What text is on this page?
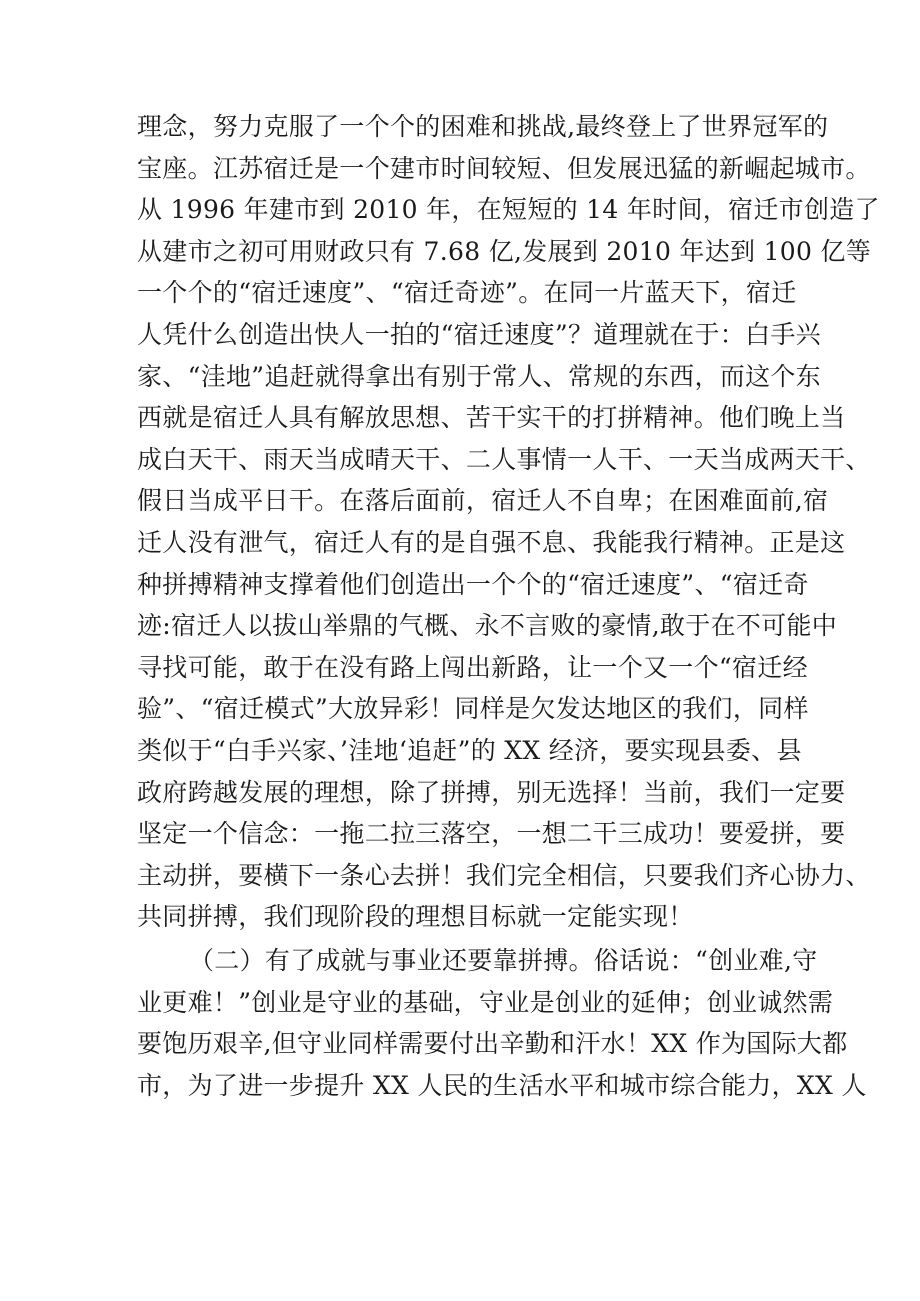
理念，努力克服了一个个的困难和挑战,最终登上了世界冠军的
宝座。江苏宿迁是一个建市时间较短、但发展迅猛的新崛起城市。
从 1996 年建市到 2010 年，在短短的 14 年时间，宿迁市创造了
从建市之初可用财政只有 7.68 亿,发展到 2010 年达到 100 亿等
一个个的“宿迁速度”、“宿迁奇迹”。在同一片蓝天下，宿迁
人凭什么创造出快人一拍的“宿迁速度”？道理就在于：白手兴
家、“洼地”追赶就得拿出有别于常人、常规的东西，而这个东
西就是宿迁人具有解放思想、苦干实干的打拼精神。他们晚上当
成白天干、雨天当成晴天干、二人事情一人干、一天当成两天干、
假日当成平日干。在落后面前，宿迁人不自卑；在困难面前,宿
迁人没有泄气，宿迁人有的是自强不息、我能我行精神。正是这
种拼搏精神支撑着他们创造出一个个的“宿迁速度”、“宿迁奇
迹:宿迁人以拔山举鼎的气概、永不言败的豪情,敢于在不可能中
寻找可能，敢于在没有路上闯出新路，让一个又一个“宿迁经
验”、“宿迁模式”大放异彩！同样是欠发达地区的我们，同样
类似于“白手兴家、’洼地‘追赶”的 XX 经济，要实现县委、县
政府跨越发展的理想，除了拼搏，别无选择！当前，我们一定要
坚定一个信念：一拖二拉三落空，一想二干三成功！要爱拼，要
主动拼，要横下一条心去拼！我们完全相信，只要我们齐心协力、
共同拼搏，我们现阶段的理想目标就一定能实现！
（二）有了成就与事业还要靠拼搏。俗话说：“创业难,守
业更难！”创业是守业的基础，守业是创业的延伸；创业诚然需
要饱历艰辛,但守业同样需要付出辛勤和汗水！XX 作为国际大都
市，为了进一步提升 XX 人民的生活水平和城市综合能力，XX 人
